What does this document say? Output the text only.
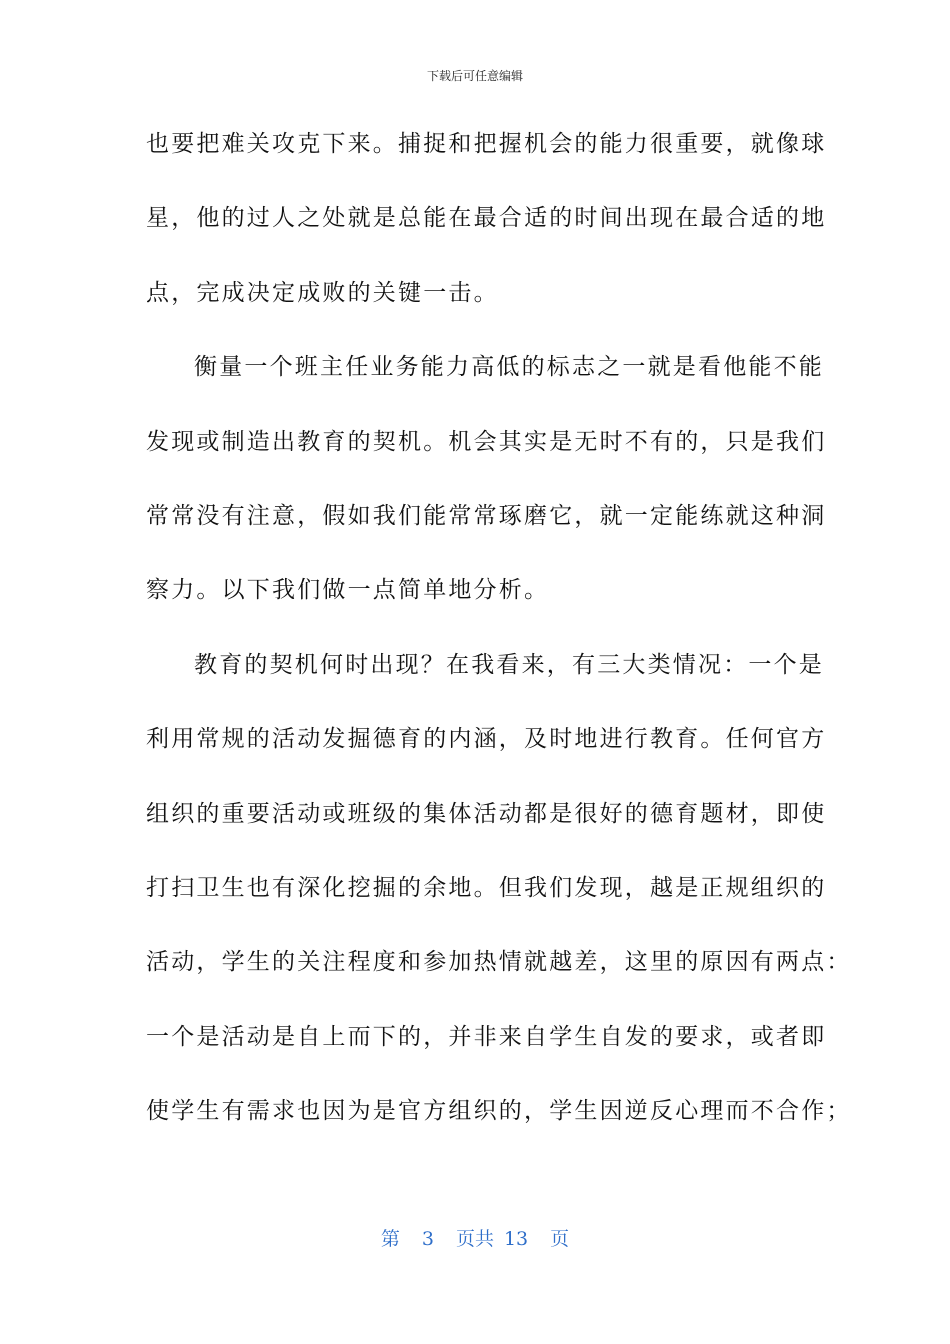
下载后可任意编辑
也要把难关攻克下来。捕捉和把握机会的能力很重要，就像球
星，他的过人之处就是总能在最合适的时间出现在最合适的地
点，完成决定成败的关键一击。
衡量一个班主任业务能力高低的标志之一就是看他能不能
发现或制造出教育的契机。机会其实是无时不有的，只是我们
常常没有注意，假如我们能常常琢磨它，就一定能练就这种洞
察力。以下我们做一点简单地分析。
教育的契机何时出现？在我看来，有三大类情况：一个是
利用常规的活动发掘德育的内涵，及时地进行教育。任何官方
组织的重要活动或班级的集体活动都是很好的德育题材，即使
打扫卫生也有深化挖掘的余地。但我们发现，越是正规组织的
活动，学生的关注程度和参加热情就越差，这里的原因有两点：
一个是活动是自上而下的，并非来自学生自发的要求，或者即
使学生有需求也因为是官方组织的，学生因逆反心理而不合作；
第 3 页共 13 页
